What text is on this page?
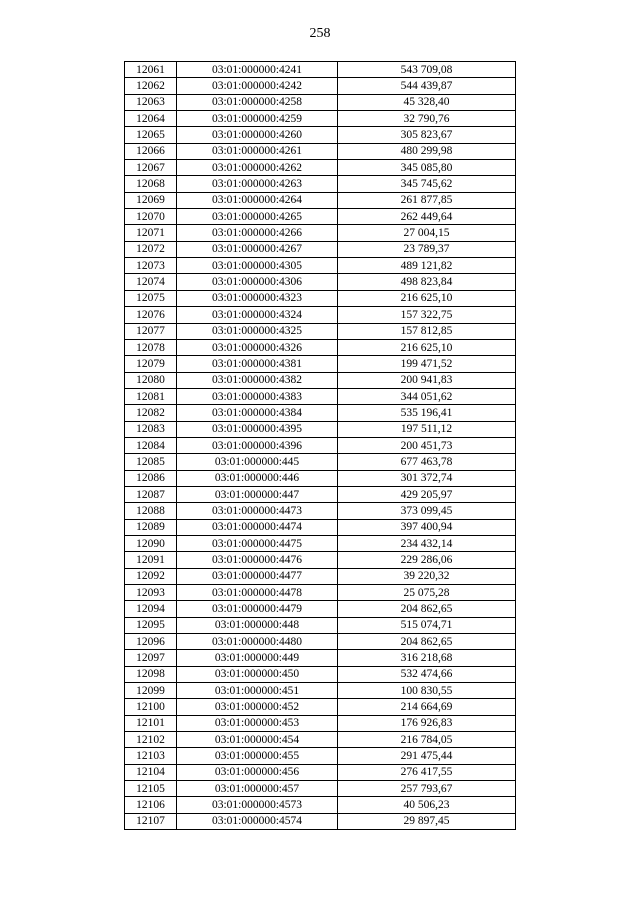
258
12061	03:01:000000:4241	543 709,08
12062	03:01:000000:4242	544 439,87
12063	03:01:000000:4258	45 328,40
12064	03:01:000000:4259	32 790,76
12065	03:01:000000:4260	305 823,67
12066	03:01:000000:4261	480 299,98
12067	03:01:000000:4262	345 085,80
12068	03:01:000000:4263	345 745,62
12069	03:01:000000:4264	261 877,85
12070	03:01:000000:4265	262 449,64
12071	03:01:000000:4266	27 004,15
12072	03:01:000000:4267	23 789,37
12073	03:01:000000:4305	489 121,82
12074	03:01:000000:4306	498 823,84
12075	03:01:000000:4323	216 625,10
12076	03:01:000000:4324	157 322,75
12077	03:01:000000:4325	157 812,85
12078	03:01:000000:4326	216 625,10
12079	03:01:000000:4381	199 471,52
12080	03:01:000000:4382	200 941,83
12081	03:01:000000:4383	344 051,62
12082	03:01:000000:4384	535 196,41
12083	03:01:000000:4395	197 511,12
12084	03:01:000000:4396	200 451,73
12085	03:01:000000:445	677 463,78
12086	03:01:000000:446	301 372,74
12087	03:01:000000:447	429 205,97
12088	03:01:000000:4473	373 099,45
12089	03:01:000000:4474	397 400,94
12090	03:01:000000:4475	234 432,14
12091	03:01:000000:4476	229 286,06
12092	03:01:000000:4477	39 220,32
12093	03:01:000000:4478	25 075,28
12094	03:01:000000:4479	204 862,65
12095	03:01:000000:448	515 074,71
12096	03:01:000000:4480	204 862,65
12097	03:01:000000:449	316 218,68
12098	03:01:000000:450	532 474,66
12099	03:01:000000:451	100 830,55
12100	03:01:000000:452	214 664,69
12101	03:01:000000:453	176 926,83
12102	03:01:000000:454	216 784,05
12103	03:01:000000:455	291 475,44
12104	03:01:000000:456	276 417,55
12105	03:01:000000:457	257 793,67
12106	03:01:000000:4573	40 506,23
12107	03:01:000000:4574	29 897,45
